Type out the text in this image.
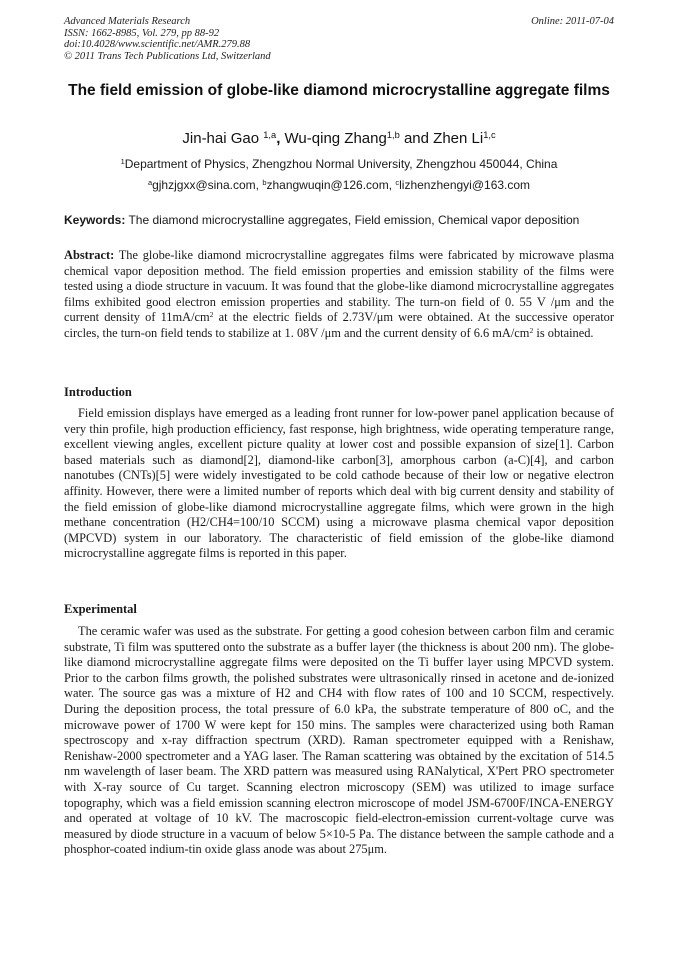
Advanced Materials Research
ISSN: 1662-8985, Vol. 279, pp 88-92
doi:10.4028/www.scientific.net/AMR.279.88
© 2011 Trans Tech Publications Ltd, Switzerland
Online: 2011-07-04
The field emission of globe-like diamond microcrystalline aggregate films
Jin-hai Gao $^{1,a}$, Wu-qing Zhang$^{1,b}$ and Zhen Li$^{1,c}$
$^1$Department of Physics, Zhengzhou Normal University, Zhengzhou 450044, China
$^a$gjhzjgxx@sina.com, $^b$zhangwuqin@126.com, $^c$lizhenzhengyi@163.com
Keywords: The diamond microcrystalline aggregates, Field emission, Chemical vapor deposition
Abstract: The globe-like diamond microcrystalline aggregates films were fabricated by microwave plasma chemical vapor deposition method. The field emission properties and emission stability of the films were tested using a diode structure in vacuum. It was found that the globe-like diamond microcrystalline aggregates films exhibited good electron emission properties and stability. The turn-on field of 0. 55 V /μm and the current density of $11mA/cm^2$ at the electric fields of 2.73V/μm were obtained. At the successive operator circles, the turn-on field tends to stabilize at 1. 08V /μm and the current density of 6.6 $mA/cm^2$ is obtained.
Introduction
Field emission displays have emerged as a leading front runner for low-power panel application because of very thin profile, high production efficiency, fast response, high brightness, wide operating temperature range, excellent viewing angles, excellent picture quality at lower cost and possible expansion of size[1]. Carbon based materials such as diamond[2], diamond-like carbon[3], amorphous carbon (a-C)[4], and carbon nanotubes (CNTs)[5] were widely investigated to be cold cathode because of their low or negative electron affinity. However, there were a limited number of reports which deal with big current density and stability of the field emission of globe-like diamond microcrystalline aggregate films, which were grown in the high methane concentration (H2/CH4=100/10 SCCM) using a microwave plasma chemical vapor deposition (MPCVD) system in our laboratory. The characteristic of field emission of the globe-like diamond microcrystalline aggregate films is reported in this paper.
Experimental
The ceramic wafer was used as the substrate. For getting a good cohesion between carbon film and ceramic substrate, Ti film was sputtered onto the substrate as a buffer layer (the thickness is about 200 nm). The globe-like diamond microcrystalline aggregate films were deposited on the Ti buffer layer using MPCVD system. Prior to the carbon films growth, the polished substrates were ultrasonically rinsed in acetone and de-ionized water. The source gas was a mixture of H2 and CH4 with flow rates of 100 and 10 SCCM, respectively. During the deposition process, the total pressure of 6.0 kPa, the substrate temperature of 800 oC, and the microwave power of 1700 W were kept for 150 mins. The samples were characterized using both Raman spectroscopy and x-ray diffraction spectrum (XRD). Raman spectrometer equipped with a Renishaw, Renishaw-2000 spectrometer and a YAG laser. The Raman scattering was obtained by the excitation of 514.5 nm wavelength of laser beam. The XRD pattern was measured using RANalytical, X'Pert PRO spectrometer with X-ray source of Cu target. Scanning electron microscopy (SEM) was utilized to image surface topography, which was a field emission scanning electron microscope of model JSM-6700F/INCA-ENERGY and operated at voltage of 10 kV. The macroscopic field-electron-emission current-voltage curve was measured by diode structure in a vacuum of below 5×10-5 Pa. The distance between the sample cathode and a phosphor-coated indium-tin oxide glass anode was about 275μm.
